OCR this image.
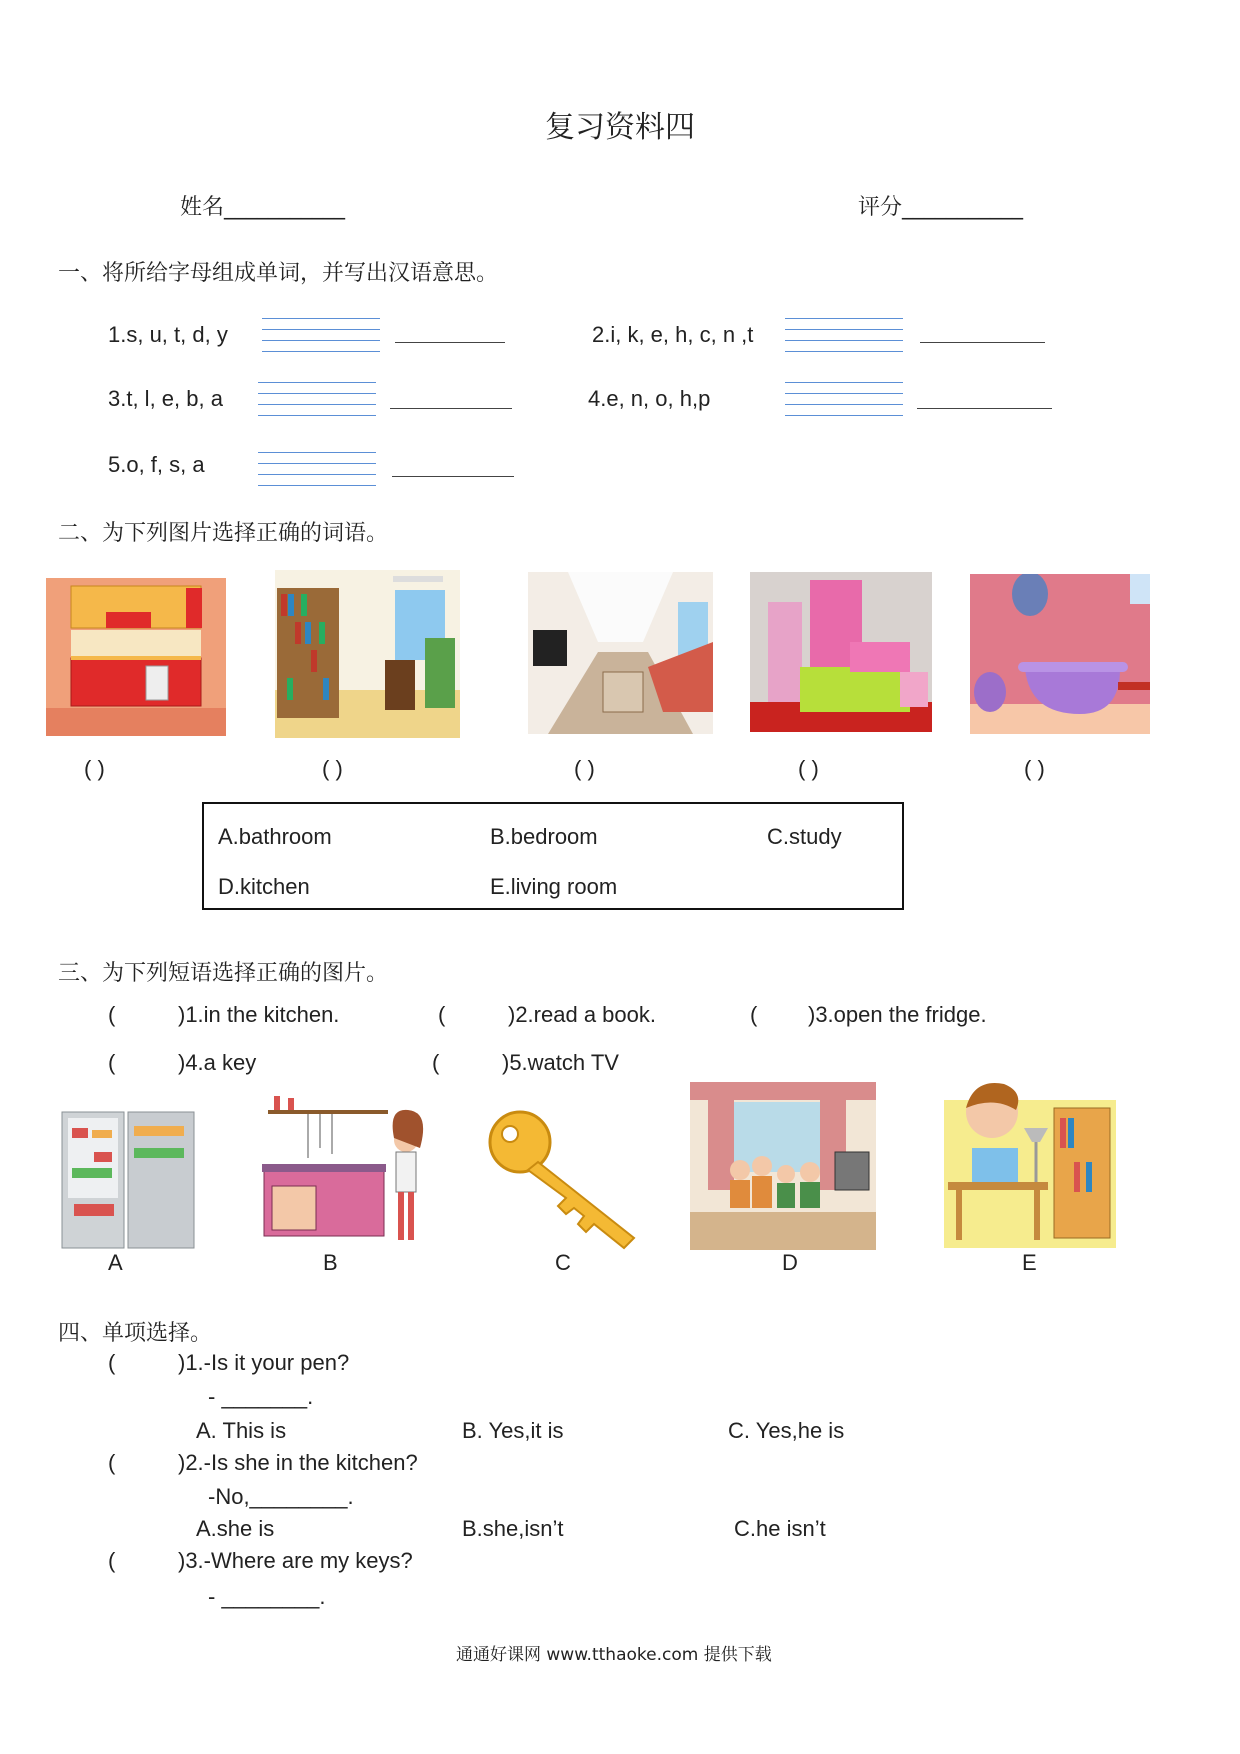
复习资料四
姓名___________	评分___________
一、将所给字母组成单词，并写出汉语意思。
1.s, u, t, d, y	2.i, k, e, h, c, n ,t
3.t, l, e, b, a	4.e, n, o, h,p
5.o, f, s, a
二、为下列图片选择正确的词语。
( )	( )	( )	( )	( )
A.bathroom	B.bedroom	C.study
D.kitchen	E.living room
三、为下列短语选择正确的图片。
(	)1.in the kitchen.	(	)2.read a book.	( )3.open the fridge.
(	)4.a key	(	)5.watch TV
A	B	C	D	E
四、单项选择。
(	)1.-Is it your pen?
- _______.
A. This is	B. Yes,it is	C. Yes,he is
(	)2.-Is she in the kitchen?
-No,________.
A.she is	B.she,isn’t	C.he isn’t
(	)3.-Where are my keys?
- ________.
通通好课网 www.tthaoke.com 提供下载
